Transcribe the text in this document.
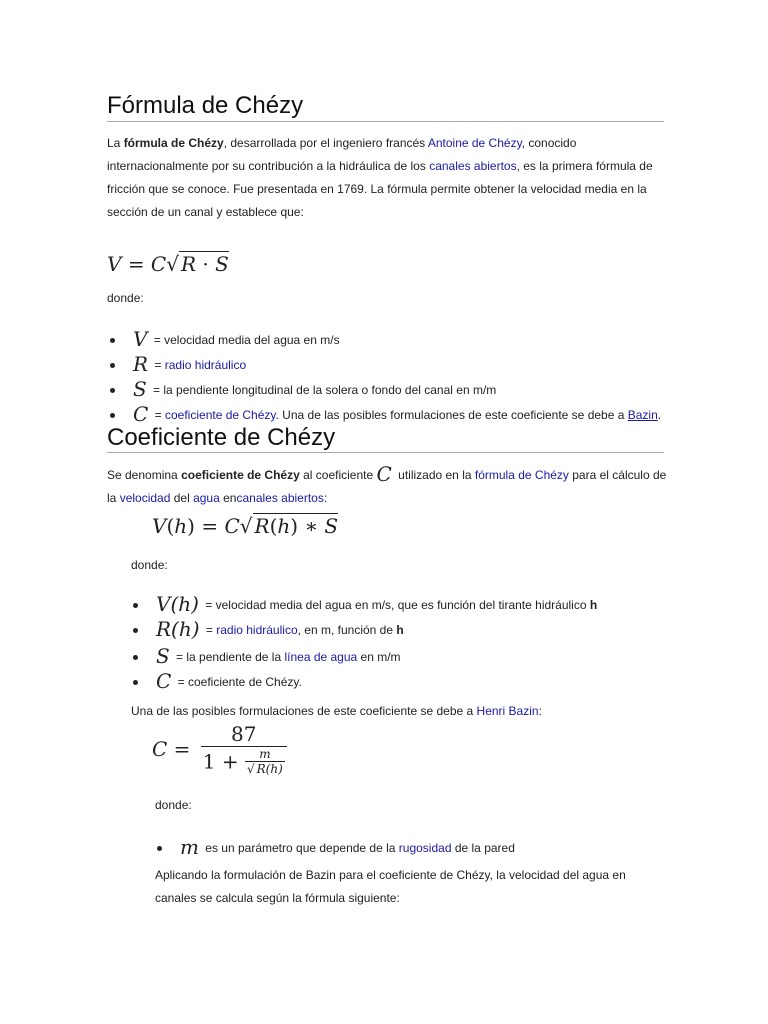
Fórmula de Chézy
La fórmula de Chézy, desarrollada por el ingeniero francés Antoine de Chézy, conocido
internacionalmente por su contribución a la hidráulica de los canales abiertos, es la primera fórmula de
fricción que se conoce. Fue presentada en 1769. La fórmula permite obtener la velocidad media en la
sección de un canal y establece que:
V = C√ R · S
donde:
V = velocidad media del agua en m/s
R = radio hidráulico
S = la pendiente longitudinal de la solera o fondo del canal en m/m
C = coeficiente de Chézy. Una de las posibles formulaciones de este coeficiente se debe a Bazin.
Coeficiente de Chézy
Se denomina coeficiente de Chézy al coeficiente C utilizado en la fórmula de Chézy para el cálculo de
la velocidad del agua encanales abiertos:
V(h) = C√ R(h) ∗ S
donde:
V(h) = velocidad media del agua en m/s, que es función del tirante hidráulico h
R(h) = radio hidráulico, en m, función de h
S = la pendiente de la línea de agua en m/m
C = coeficiente de Chézy.
Una de las posibles formulaciones de este coeficiente se debe a Henri Bazin:
$C = \frac{87}{1 + \frac{m}{√ R(h)}}$
donde:
m es un parámetro que depende de la rugosidad de la pared
Aplicando la formulación de Bazin para el coeficiente de Chézy, la velocidad del agua en
canales se calcula según la fórmula siguiente:
